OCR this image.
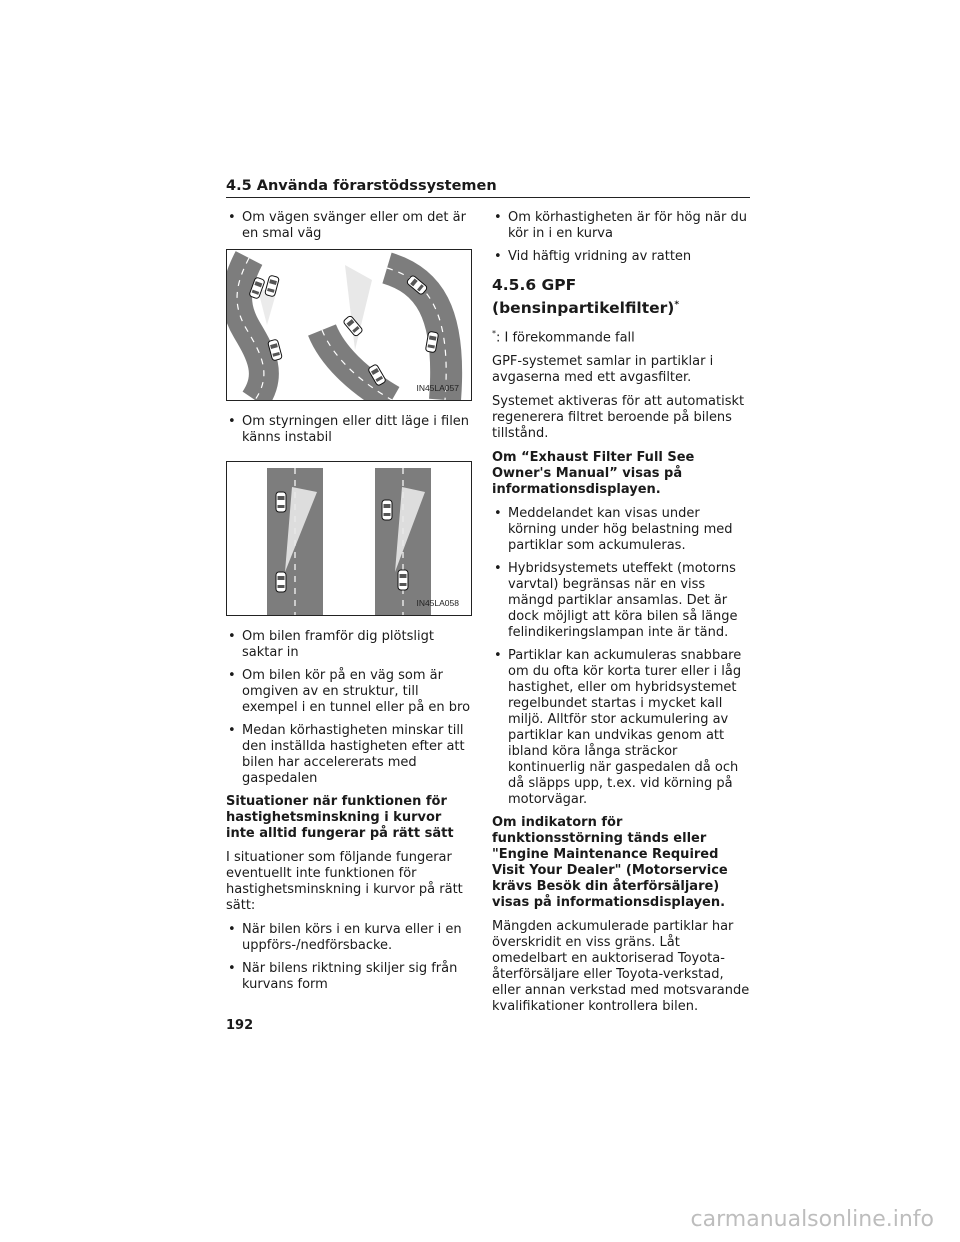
4.5 Använda förarstödssystemen
• Om vägen svänger eller om det är en smal väg
IN45LA057
• Om styrningen eller ditt läge i filen känns instabil
IN45LA058
• Om bilen framför dig plötsligt saktar in
• Om bilen kör på en väg som är omgiven av en struktur, till exempel i en tunnel eller på en bro
• Medan körhastigheten minskar till den inställda hastigheten efter att bilen har accelererats med gaspedalen

Situationer när funktionen för hastighetsminskning i kurvor inte alltid fungerar på rätt sätt

I situationer som följande fungerar eventuellt inte funktionen för hastighetsminskning i kurvor på rätt sätt:

• När bilen körs i en kurva eller i en uppförs-/nedförsbacke.
• När bilens riktning skiljer sig från kurvans form
• Om körhastigheten är för hög när du kör in i en kurva
• Vid häftig vridning av ratten
4.5.6 GPF (bensinpartikelfilter)*

*: I förekommande fall

GPF-systemet samlar in partiklar i avgaserna med ett avgasfilter.

Systemet aktiveras för att automatiskt regenerera filtret beroende på bilens tillstånd.

Om “Exhaust Filter Full See Owner's Manual” visas på informationsdisplayen.

• Meddelandet kan visas under körning under hög belastning med partiklar som ackumuleras.
• Hybridsystemets uteffekt (motorns varvtal) begränsas när en viss mängd partiklar ansamlas. Det är dock möjligt att köra bilen så länge felindikeringslampan inte är tänd.
• Partiklar kan ackumuleras snabbare om du ofta kör korta turer eller i låg hastighet, eller om hybridsystemet regelbundet startas i mycket kall miljö. Alltför stor ackumulering av partiklar kan undvikas genom att ibland köra långa sträckor kontinuerlig när gaspedalen då och då släpps upp, t.ex. vid körning på motorvägar.

Om indikatorn för funktionsstörning tänds eller "Engine Maintenance Required Visit Your Dealer" (Motorservice krävs Besök din återförsäljare) visas på informationsdisplayen.

Mängden ackumulerade partiklar har överskridit en viss gräns. Låt omedelbart en auktoriserad Toyota-återförsäljare eller Toyota-verkstad, eller annan verkstad med motsvarande kvalifikationer kontrollera bilen.

192
carmanualsonline.info
